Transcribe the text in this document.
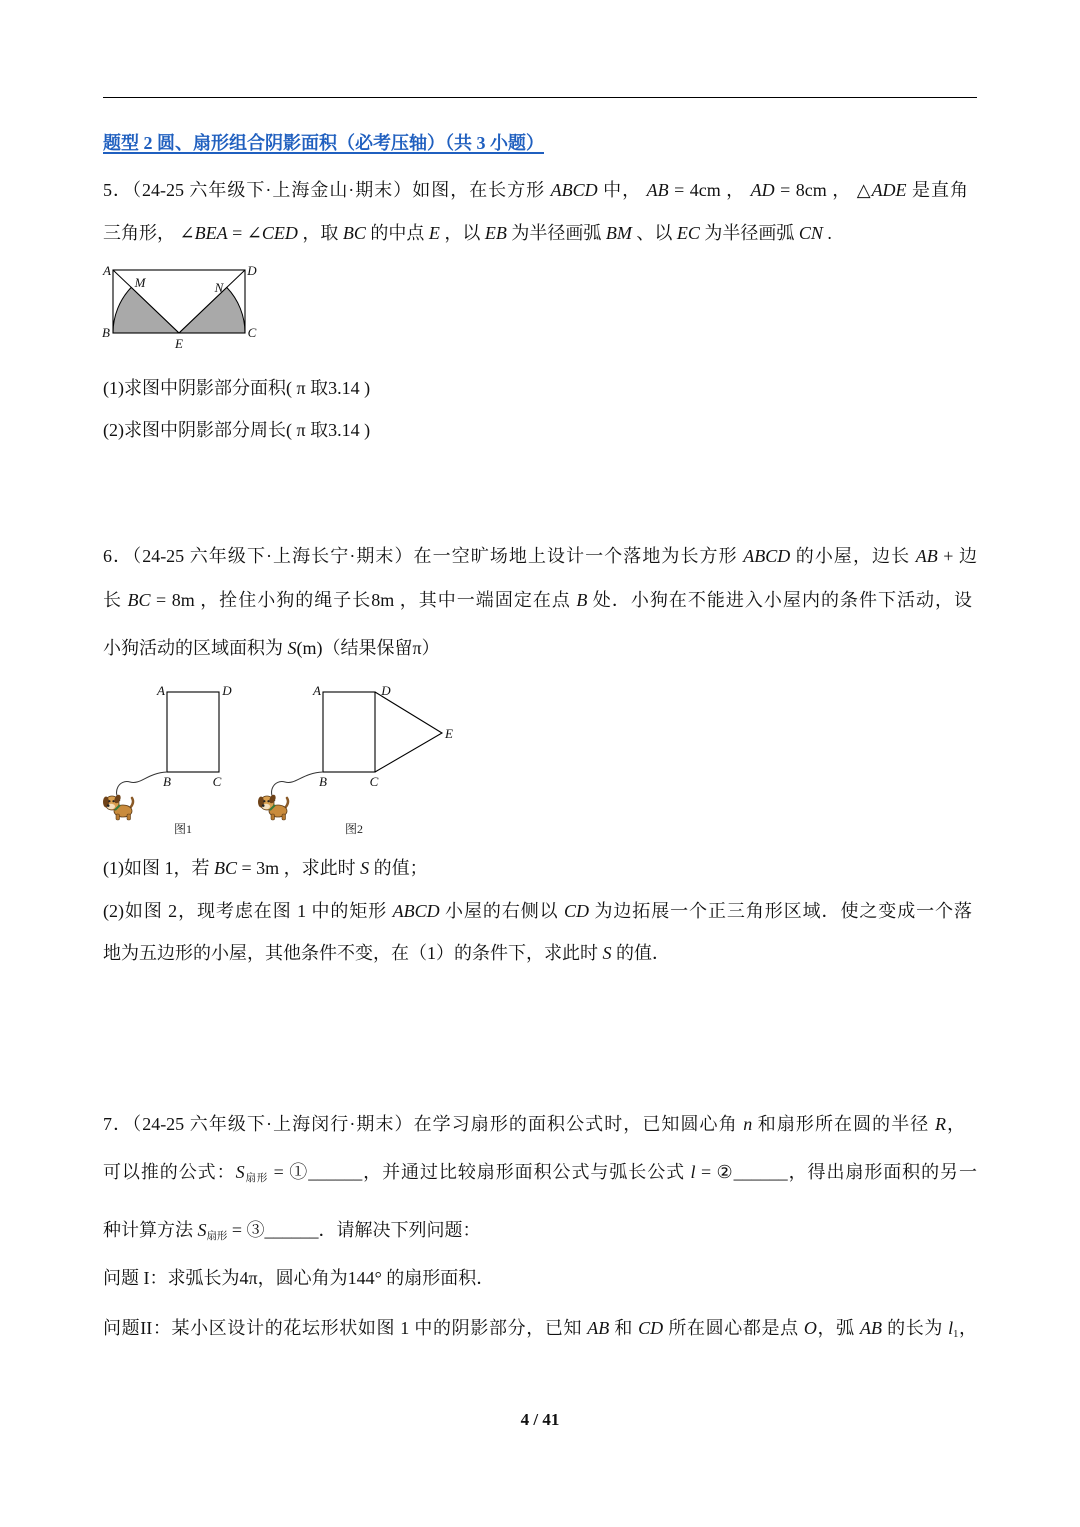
题型 2 圆、扇形组合阴影面积（必考压轴）（共 3 小题）
5．（24-25 六年级下·上海金山·期末）如图，在长方形 ABCD 中， AB = 4cm ， AD = 8cm ， △ADE 是直角
三角形， ∠BEA = ∠CED ，取 BC 的中点 E ，以 EB 为半径画弧 BM 、以 EC 为半径画弧 CN .
A
M
D
N
B
E
C
(1)求图中阴影部分面积( π 取3.14 )
(2)求图中阴影部分周长( π 取3.14 )
6．（24-25 六年级下·上海长宁·期末）在一空旷场地上设计一个落地为长方形 ABCD 的小屋，边长 AB + 边
长 BC = 8m ，拴住小狗的绳子长8m ，其中一端固定在点 B 处．小狗在不能进入小屋内的条件下活动，设
小狗活动的区域面积为 S(m)（结果保留π）
A	D
B	C
图1
A	D
E
B	C
图2
(1)如图 1，若 BC = 3m ，求此时 S 的值；
(2)如图 2，现考虑在图 1 中的矩形 ABCD 小屋的右侧以 CD 为边拓展一个正三角形区域．使之变成一个落
地为五边形的小屋，其他条件不变，在（1）的条件下，求此时 S 的值．
7．（24-25 六年级下·上海闵行·期末）在学习扇形的面积公式时，已知圆心角 n 和扇形所在圆的半径 R，
可以推的公式：$S_{扇形}$ = ①______，并通过比较扇形面积公式与弧长公式 l = ②______，得出扇形面积的另一
种计算方法 $S_{扇形}$ = ③______．请解决下列问题：
问题 I：求弧长为4π，圆心角为144° 的扇形面积．
问题II：某小区设计的花坛形状如图 1 中的阴影部分，已知 AB 和 CD 所在圆心都是点 O，弧 AB 的长为 $l_1$，
4 / 41
